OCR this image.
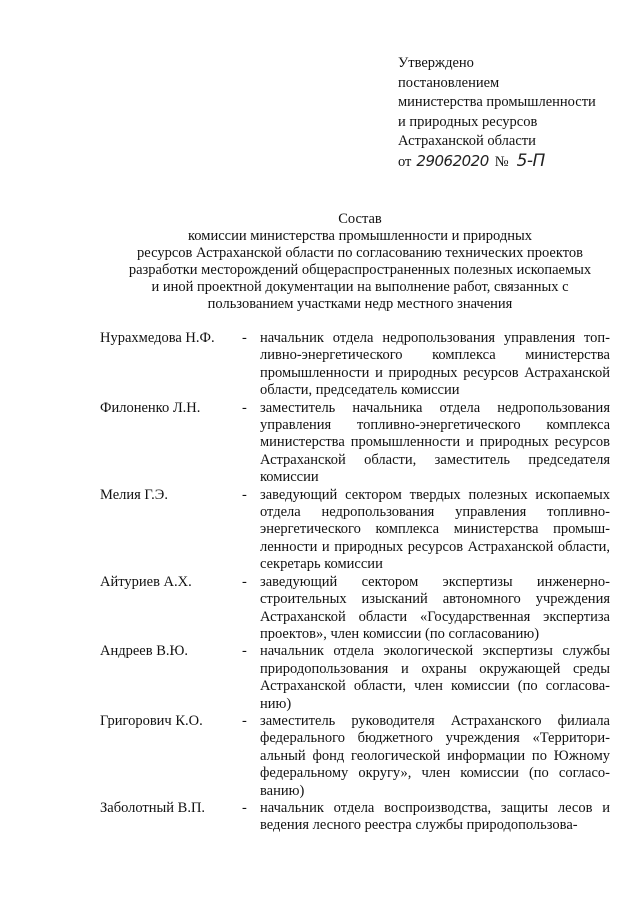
Утверждено
постановлением
министерства промышленности
и природных ресурсов
Астраханской области
от 29062020 № 5-П
Состав
комиссии министерства промышленности и природных
ресурсов Астраханской области по согласованию технических проектов
разработки месторождений общераспространенных полезных ископаемых
и иной проектной документации на выполнение работ, связанных с
пользованием участками недр местного значения
Нурахмедова Н.Ф.	- начальник отдела недропользования управления топливно-энергетического комплекса министерства промышленности и природных ресурсов Астраханской области, председатель комиссии
Филоненко Л.Н.	- заместитель начальника отдела недропользования управления топливно-энергетического комплекса министерства промышленности и природных ресурсов Астраханской области, заместитель председателя комиссии
Мелия Г.Э.	- заведующий сектором твердых полезных ископаемых отдела недропользования управления топливно-энергетического комплекса министерства промышленности и природных ресурсов Астраханской области, секретарь комиссии
Айтуриев А.Х.	- заведующий сектором экспертизы инженерно-строительных изысканий автономного учреждения Астраханской области «Государственная экспертиза проектов», член комиссии (по согласованию)
Андреев В.Ю.	- начальник отдела экологической экспертизы службы природопользования и охраны окружающей среды Астраханской области, член комиссии (по согласованию)
Григорович К.О.	- заместитель руководителя Астраханского филиала федерального бюджетного учреждения «Территориальный фонд геологической информации по Южному федеральному округу», член комиссии (по согласованию)
Заболотный В.П.	- начальник отдела воспроизводства, защиты лесов и ведения лесного реестра службы природопользова-
